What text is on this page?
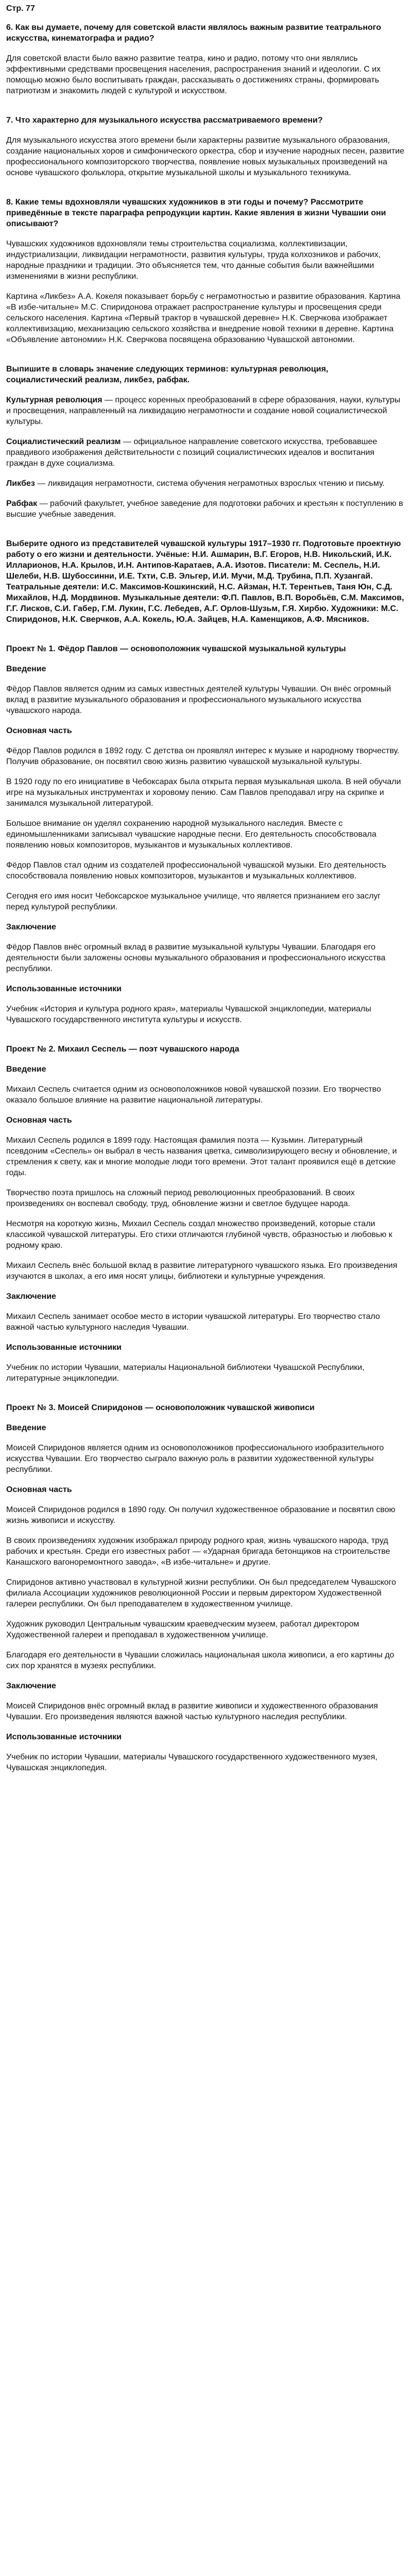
Стр. 77

6. Как вы думаете, почему для советской власти являлось важным развитие театрального искусства, кинематографа и радио?

Для советской власти было важно развитие театра, кино и радио, потому что они являлись эффективными средствами просвещения населения, распространения знаний и идеологии. С их помощью можно было воспитывать граждан, рассказывать о достижениях страны, формировать патриотизм и знакомить людей с культурой и искусством.

7. Что характерно для музыкального искусства рассматриваемого времени?

Для музыкального искусства этого времени были характерны развитие музыкального образования, создание национальных хоров и симфонического оркестра, сбор и изучение народных песен, развитие профессионального композиторского творчества, появление новых музыкальных произведений на основе чувашского фольклора, открытие музыкальной школы и музыкального техникума.

8. Какие темы вдохновляли чувашских художников в эти годы и почему? Рассмотрите приведённые в тексте параграфа репродукции картин. Какие явления в жизни Чувашии они описывают?

Чувашских художников вдохновляли темы строительства социализма, коллективизации, индустриализации, ликвидации неграмотности, развития культуры, труда колхозников и рабочих, народные праздники и традиции. Это объясняется тем, что данные события были важнейшими изменениями в жизни республики.

Картина «Ликбез» А.А. Кокеля показывает борьбу с неграмотностью и развитие образования. Картина «В избе-читальне» М.С. Спиридонова отражает распространение культуры и просвещения среди сельского населения. Картина «Первый трактор в чувашской деревне» Н.К. Сверчкова изображает коллективизацию, механизацию сельского хозяйства и внедрение новой техники в деревне. Картина «Объявление автономии» Н.К. Сверчкова посвящена образованию Чувашской автономии.

Выпишите в словарь значение следующих терминов: культурная революция, социалистический реализм, ликбез, рабфак.

Культурная революция — процесс коренных преобразований в сфере образования, науки, культуры и просвещения, направленный на ликвидацию неграмотности и создание новой социалистической культуры.

Социалистический реализм — официальное направление советского искусства, требовавшее правдивого изображения действительности с позиций социалистических идеалов и воспитания граждан в духе социализма.

Ликбез — ликвидация неграмотности, система обучения неграмотных взрослых чтению и письму.

Рабфак — рабочий факультет, учебное заведение для подготовки рабочих и крестьян к поступлению в высшие учебные заведения.

Выберите одного из представителей чувашской культуры 1917–1930 гг. Подготовьте проектную работу о его жизни и деятельности. Учёные: Н.И. Ашмарин, В.Г. Егоров, Н.В. Никольский, И.К. Илларионов, Н.А. Крылов, И.Н. Антипов-Каратаев, А.А. Изотов. Писатели: М. Сеспель, Н.И. Шелеби, Н.В. Шубоссинни, И.Е. Тхти, С.В. Эльгер, И.И. Мучи, М.Д. Трубина, П.П. Хузангай. Театральные деятели: И.С. Максимов-Кошкинский, Н.С. Айзман, Н.Т. Терентьев, Таня Юн, С.Д. Михайлов, Н.Д. Мордвинов. Музыкальные деятели: Ф.П. Павлов, В.П. Воробьёв, С.М. Максимов, Г.Г. Лисков, С.И. Габер, Г.М. Лукин, Г.С. Лебедев, А.Г. Орлов-Шузьм, Г.Я. Хирбю. Художники: М.С. Спиридонов, Н.К. Сверчков, А.А. Кокель, Ю.А. Зайцев, Н.А. Каменщиков, А.Ф. Мясников.

Проект № 1. Фёдор Павлов — основоположник чувашской музыкальной культуры

Введение

Фёдор Павлов является одним из самых известных деятелей культуры Чувашии. Он внёс огромный вклад в развитие музыкального образования и профессионального музыкального искусства чувашского народа.

Основная часть

Фёдор Павлов родился в 1892 году. С детства он проявлял интерес к музыке и народному творчеству. Получив образование, он посвятил свою жизнь развитию чувашской музыкальной культуры.

В 1920 году по его инициативе в Чебоксарах была открыта первая музыкальная школа. В ней обучали игре на музыкальных инструментах и хоровому пению. Сам Павлов преподавал игру на скрипке и занимался музыкальной литературой.

Большое внимание он уделял сохранению народной музыкального наследия. Вместе с единомышленниками записывал чувашские народные песни. Его деятельность способствовала появлению новых композиторов, музыкантов и музыкальных коллективов.

Фёдор Павлов стал одним из создателей профессиональной чувашской музыки. Его деятельность способствовала появлению новых композиторов, музыкантов и музыкальных коллективов.

Сегодня его имя носит Чебоксарское музыкальное училище, что является признанием его заслуг перед культурой республики.

Заключение

Фёдор Павлов внёс огромный вклад в развитие музыкальной культуры Чувашии. Благодаря его деятельности были заложены основы музыкального образования и профессионального искусства республики.

Использованные источники

Учебник «История и культура родного края», материалы Чувашской энциклопедии, материалы Чувашского государственного института культуры и искусств.

Проект № 2. Михаил Сеспель — поэт чувашского народа

Введение

Михаил Сеспель считается одним из основоположников новой чувашской поэзии. Его творчество оказало большое влияние на развитие национальной литературы.

Основная часть

Михаил Сеспель родился в 1899 году. Настоящая фамилия поэта — Кузьмин. Литературный псевдоним «Сеспель» он выбрал в честь названия цветка, символизирующего весну и обновление, и стремления к свету, как и многие молодые люди того времени. Этот талант проявился ещё в детские годы.

Творчество поэта пришлось на сложный период революционных преобразований. В своих произведениях он воспевал свободу, труд, обновление жизни и светлое будущее народа.

Несмотря на короткую жизнь, Михаил Сеспель создал множество произведений, которые стали классикой чувашской литературы. Его стихи отличаются глубиной чувств, образностью и любовью к родному краю.

Михаил Сеспель внёс большой вклад в развитие литературного чувашского языка. Его произведения изучаются в школах, а его имя носят улицы, библиотеки и культурные учреждения.

Заключение

Михаил Сеспель занимает особое место в истории чувашской литературы. Его творчество стало важной частью культурного наследия Чувашии.

Использованные источники

Учебник по истории Чувашии, материалы Национальной библиотеки Чувашской Республики, литературные энциклопедии.

Проект № 3. Моисей Спиридонов — основоположник чувашской живописи

Введение

Моисей Спиридонов является одним из основоположников профессионального изобразительного искусства Чувашии. Его творчество сыграло важную роль в развитии художественной культуры республики.

Основная часть

Моисей Спиридонов родился в 1890 году. Он получил художественное образование и посвятил свою жизнь живописи и искусству.

В своих произведениях художник изображал природу родного края, жизнь чувашского народа, труд рабочих и крестьян. Среди его известных работ — «Ударная бригада бетонщиков на строительстве Канашского вагоноремонтного завода», «В избе-читальне» и другие.

Спиридонов активно участвовал в культурной жизни республики. Он был председателем Чувашского филиала Ассоциации художников революционной России и первым директором Художественной галереи республики. Он был преподавателем в художественном училище.

Художник руководил Центральным чувашским краеведческим музеем, работал директором Художественной галереи и преподавал в художественном училище.

Благодаря его деятельности в Чувашии сложилась национальная школа живописи, а его картины до сих пор хранятся в музеях республики.

Заключение

Моисей Спиридонов внёс огромный вклад в развитие живописи и художественного образования Чувашии. Его произведения являются важной частью культурного наследия республики.

Использованные источники

Учебник по истории Чувашии, материалы Чувашского государственного художественного музея, Чувашская энциклопедия.
